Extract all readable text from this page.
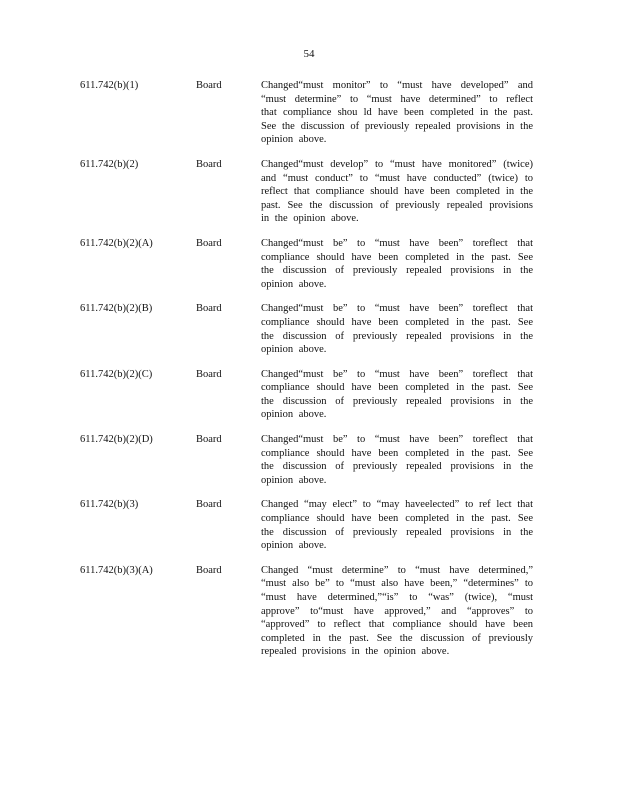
54
611.742(b)(1)	Board	Changed“must monitor” to “must have developed” and “must determine” to “must have determined” to reflect that compliance shou ld have been completed in the past. See the discussion of previously repealed provisions in the opinion above.
611.742(b)(2)	Board	Changed“must develop” to “must have monitored” (twice) and “must conduct” to “must have conducted” (twice) to reflect that compliance should have been completed in the past. See the discussion of previously repealed provisions in the opinion above.
611.742(b)(2)(A)	Board	Changed“must be” to “must have been” toreflect that compliance should have been completed in the past. See the discussion of previously repealed provisions in the opinion above.
611.742(b)(2)(B)	Board	Changed“must be” to “must have been” toreflect that compliance should have been completed in the past. See the discussion of previously repealed provisions in the opinion above.
611.742(b)(2)(C)	Board	Changed“must be” to “must have been” toreflect that compliance should have been completed in the past. See the discussion of previously repealed provisions in the opinion above.
611.742(b)(2)(D)	Board	Changed“must be” to “must have been” toreflect that compliance should have been completed in the past. See the discussion of previously repealed provisions in the opinion above.
611.742(b)(3)	Board	Changed “may elect” to “may haveelected” to ref lect that compliance should have been completed in the past. See the discussion of previously repealed provisions in the opinion above.
611.742(b)(3)(A)	Board	Changed “must determine” to “must have determined,” “must also be” to “must also have been,” “determines” to “must have determined,”“is” to “was” (twice), “must approve” to“must have approved,” and “approves” to “approved” to reflect that compliance should have been completed in the past. See the discussion of previously repealed provisions in the opinion above.
